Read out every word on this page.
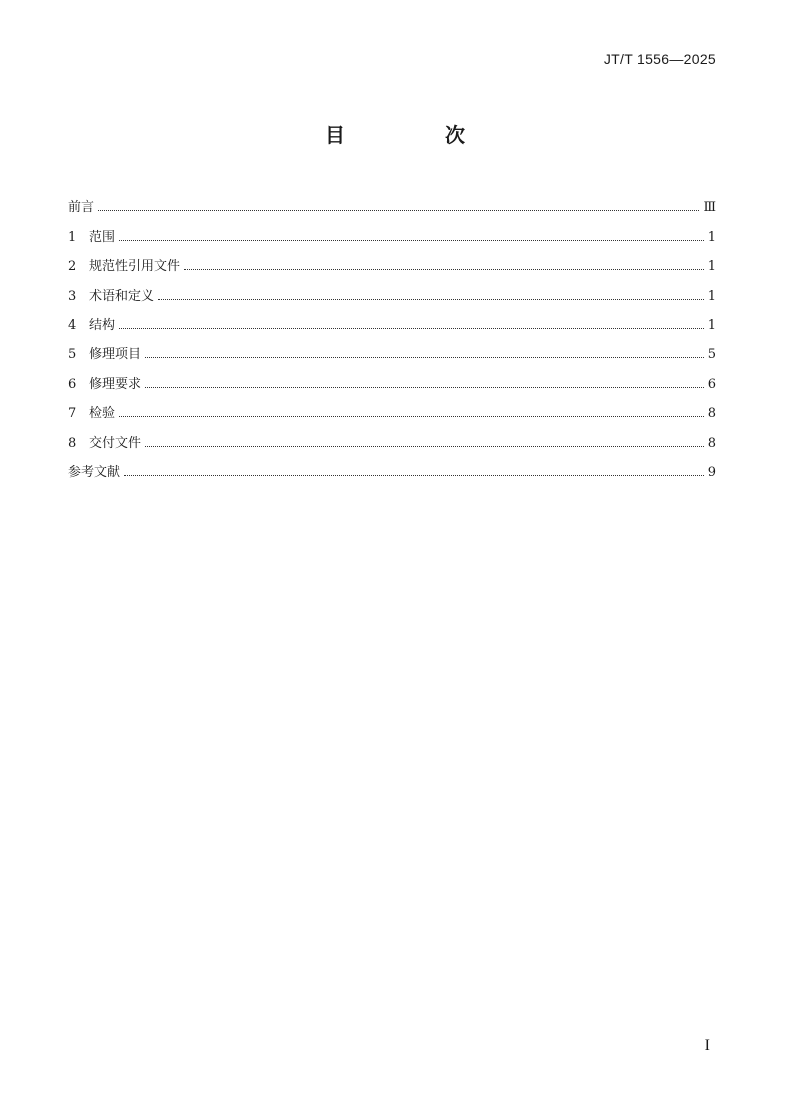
JT/T 1556—2025
目　次
前言	Ⅲ
1 范围	1
2 规范性引用文件	1
3 术语和定义	1
4 结构	1
5 修理项目	5
6 修理要求	6
7 检验	8
8 交付文件	8
参考文献	9
I
